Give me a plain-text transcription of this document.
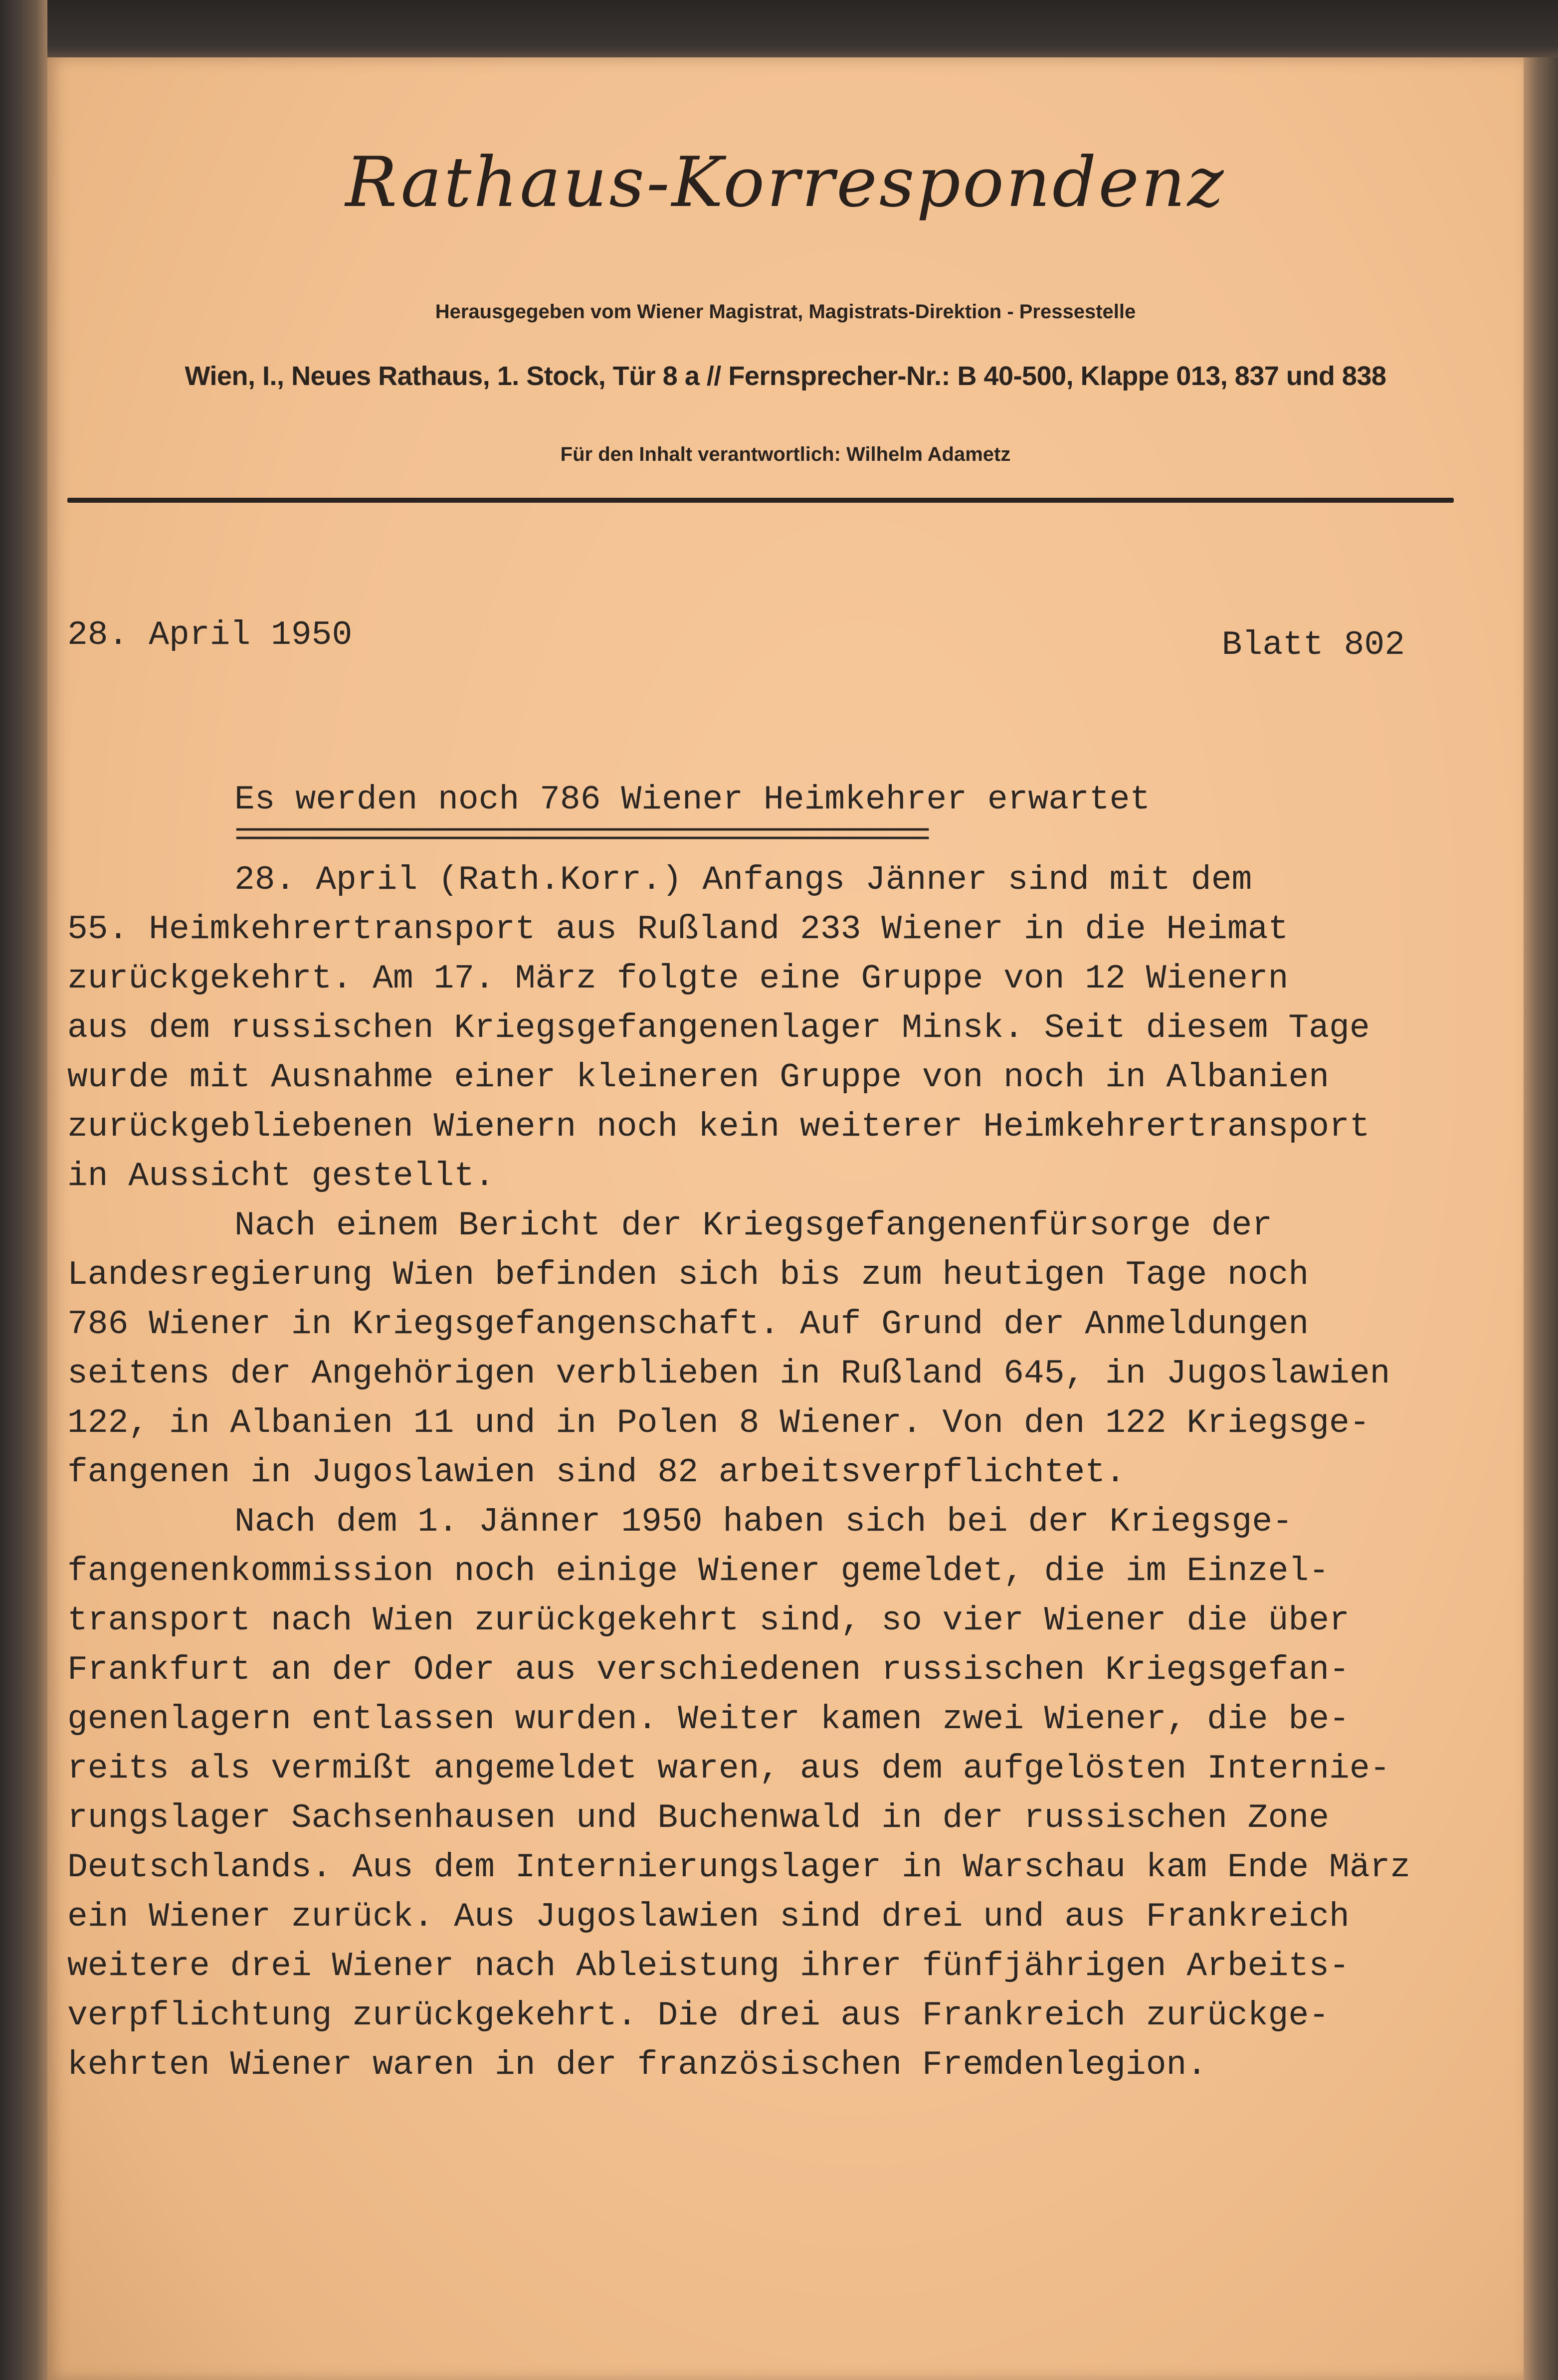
Rathaus-Korrespondenz
Herausgegeben vom Wiener Magistrat, Magistrats-Direktion - Pressestelle
Wien, I., Neues Rathaus, 1. Stock, Tür 8 a // Fernsprecher-Nr.: B 40-500, Klappe 013, 837 und 838
Für den Inhalt verantwortlich: Wilhelm Adametz
28. April 1950	Blatt 802
Es werden noch 786 Wiener Heimkehrer erwartet
=============================================
28. April (Rath.Korr.) Anfangs Jänner sind mit dem
55. Heimkehrertransport aus Rußland 233 Wiener in die Heimat
zurückgekehrt. Am 17. März folgte eine Gruppe von 12 Wienern
aus dem russischen Kriegsgefangenenlager Minsk. Seit diesem Tage
wurde mit Ausnahme einer kleineren Gruppe von noch in Albanien
zurückgebliebenen Wienern noch kein weiterer Heimkehrertransport
in Aussicht gestellt.
Nach einem Bericht der Kriegsgefangenenfürsorge der
Landesregierung Wien befinden sich bis zum heutigen Tage noch
786 Wiener in Kriegsgefangenschaft. Auf Grund der Anmeldungen
seitens der Angehörigen verblieben in Rußland 645, in Jugoslawien
122, in Albanien 11 und in Polen 8 Wiener. Von den 122 Kriegsge-
fangenen in Jugoslawien sind 82 arbeitsverpflichtet.
Nach dem 1. Jänner 1950 haben sich bei der Kriegsge-
fangenenkommission noch einige Wiener gemeldet, die im Einzel-
transport nach Wien zurückgekehrt sind, so vier Wiener die über
Frankfurt an der Oder aus verschiedenen russischen Kriegsgefan-
genenlagern entlassen wurden. Weiter kamen zwei Wiener, die be-
reits als vermißt angemeldet waren, aus dem aufgelösten Internie-
rungslager Sachsenhausen und Buchenwald in der russischen Zone
Deutschlands. Aus dem Internierungslager in Warschau kam Ende März
ein Wiener zurück. Aus Jugoslawien sind drei und aus Frankreich
weitere drei Wiener nach Ableistung ihrer fünfjährigen Arbeits-
verpflichtung zurückgekehrt. Die drei aus Frankreich zurückge-
kehrten Wiener waren in der französischen Fremdenlegion.
